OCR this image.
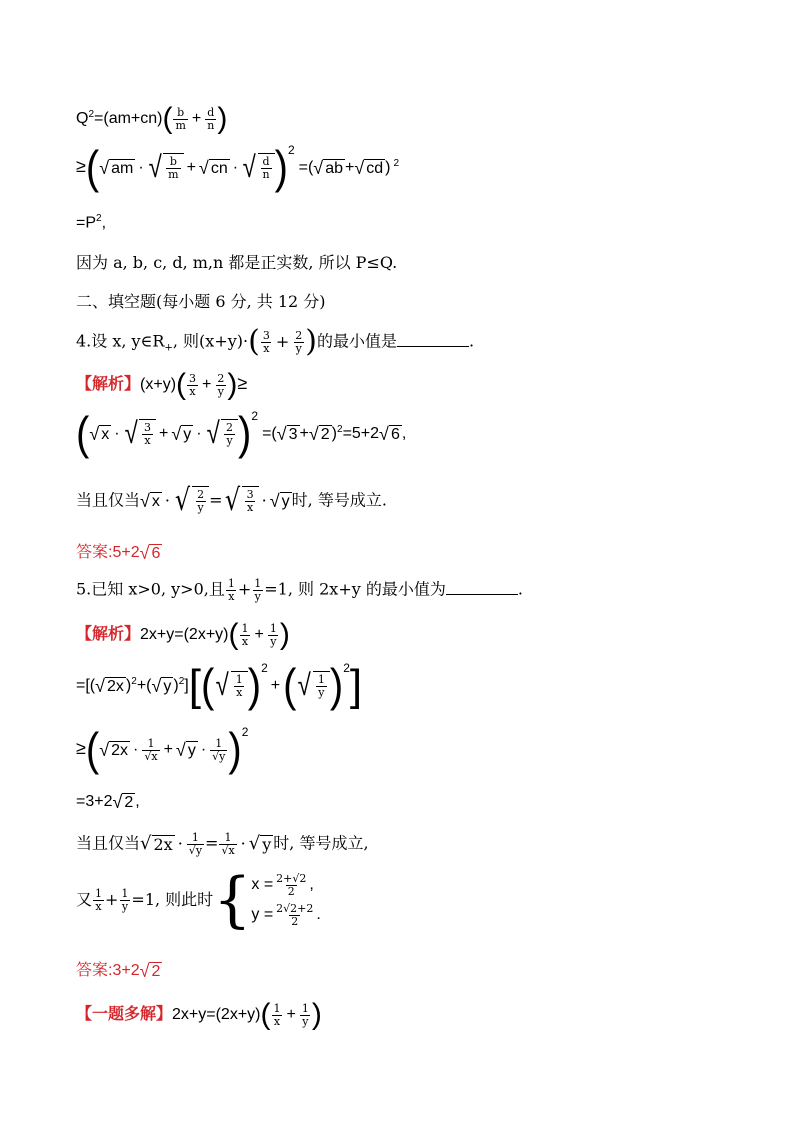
$Q^2=(am+cn)( \frac{b}{m} + \frac{d}{n}$ )
≥( √ am · √ $\frac{b}{m}$ + √ cn · √ $\frac{d}{n} )^2=$( √ ab + √ cd ) $^2$
$=P^2$,
因为 a, b, c, d, m,n 都是正实数, 所以 P≤Q.
二、填空题(每小题 6 分, 共 12 分)
4.设 x, $y\in R_+$, 则$(x+y)\cdot( \frac{3}{x} + \frac{2}{y}$ )的最小值是	.
【解析】$(x+y)( \frac{3}{x} + \frac{2}{y}$ )≥
( √ x · √ $\frac{3}{x}$ + √ y · √ $\frac{2}{y} )^2=$( √ 3 + √ 2 )$^2$=5+2 √ 6 ,
当且仅当 √ x · √ $\frac{2}{y}$ = √ $\frac{3}{x}$ · √ y 时, 等号成立.
答案:5+2 √ 6
5.已知 x>0, y>0,且 $\frac{1}{x} + \frac{1}{y} =1$, 则 2x+y 的最小值为	.
【解析】$2x+y=(2x+y)( \frac{1}{x} + \frac{1}{y}$ )
=[( √ 2x )$^2$+( √ y )$^2$][( √ $\frac{1}{x} )^2+$( √ $\frac{1}{y} )^2$]
≥( √ $2x \cdot \frac{1}{√x}$ + √ $y \cdot \frac{1}{√y} )^2$
=3+2 √ 2 ,
当且仅当 √ $2x \cdot \frac{1}{√y} = \frac{1}{√x}$ · √ y 时, 等号成立,
又 $\frac{1}{x} + \frac{1}{y} =1$, 则此时{ $x = \frac{2+√2}{2}$ ,
$y = \frac{2√2+2}{2}$ .
答案:3+2 √ 2
【一题多解】$2x+y=(2x+y)( \frac{1}{x} + \frac{1}{y}$ )
